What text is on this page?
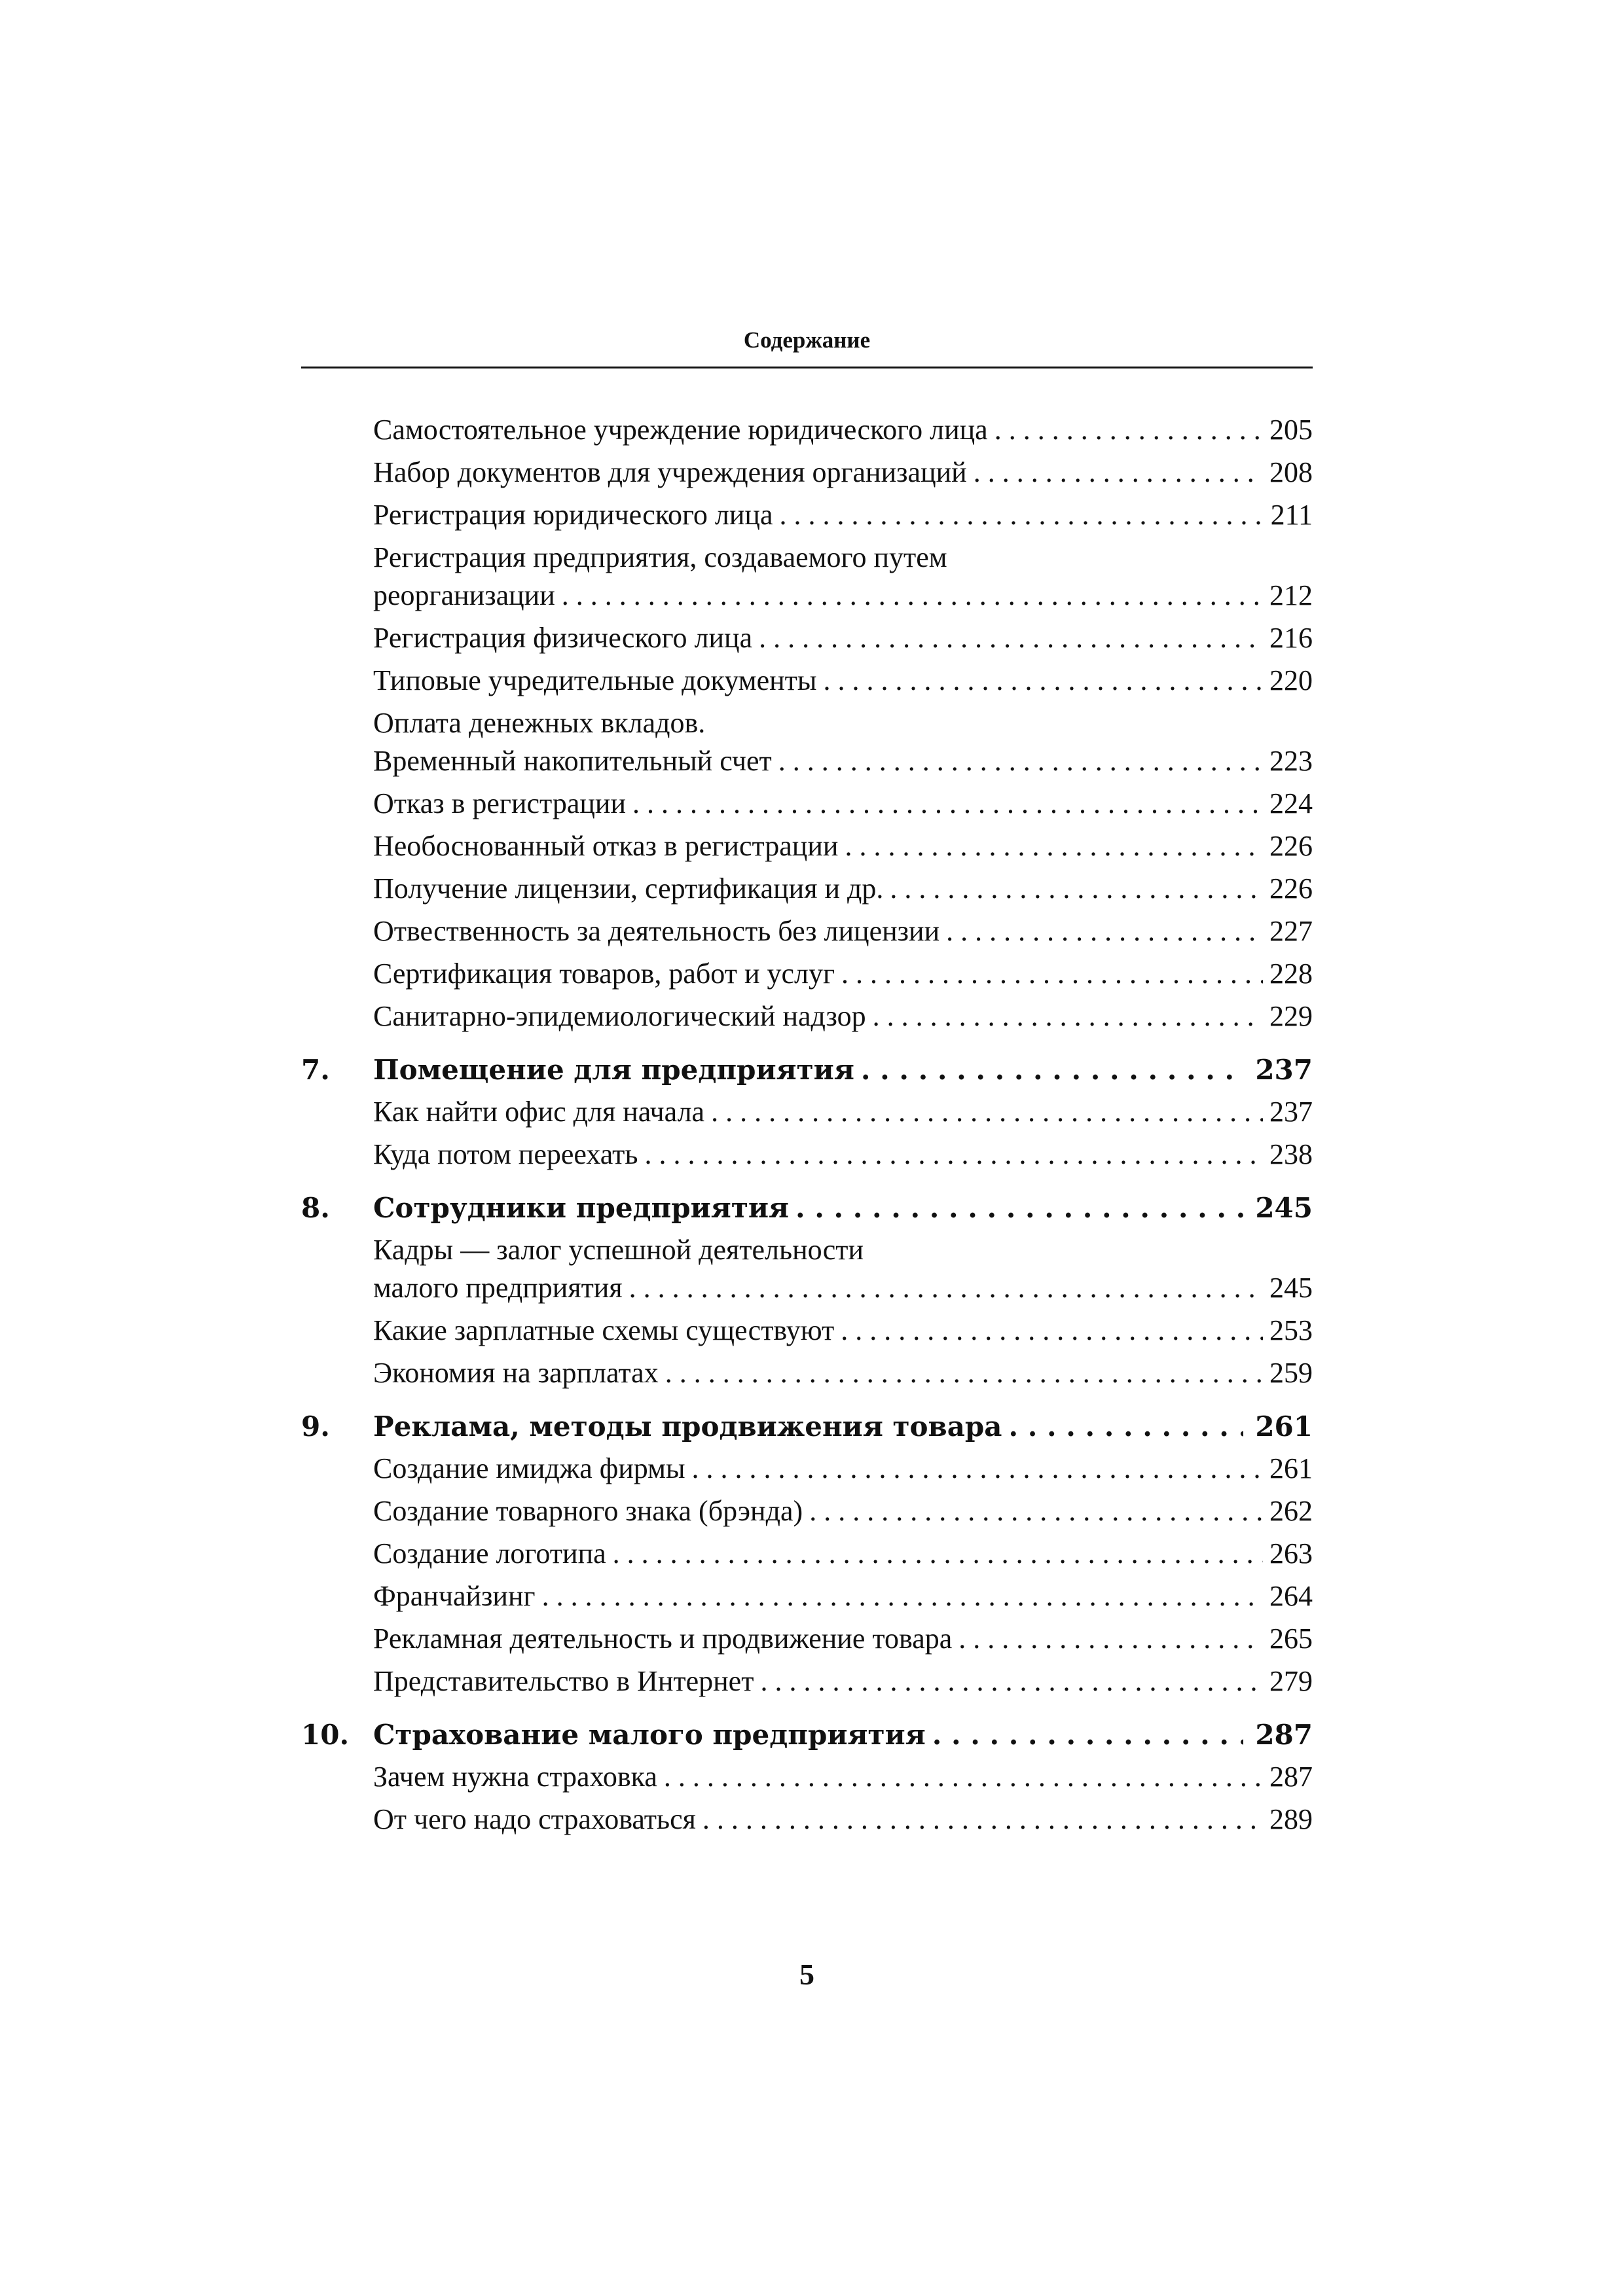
Содержание
Самостоятельное учреждение юридического лица . . .	205
Набор документов для учреждения организаций . . .	208
Регистрация юридического лица . . .	211
Регистрация предприятия, создаваемого путем
реорганизации . . .	212
Регистрация физического лица . . .	216
Типовые учредительные документы . . .	220
Оплата денежных вкладов.
Временный накопительный счет . . .	223
Отказ в регистрации . . .	224
Необоснованный отказ в регистрации . . .	226
Получение лицензии, сертификация и др. . . .	226
Отвественность за деятельность без лицензии . . .	227
Сертификация товаров, работ и услуг . . .	228
Санитарно-эпидемиологический надзор . . .	229
7. Помещение для предприятия . . .	237
Как найти офис для начала . . .	237
Куда потом переехать . . .	238
8. Сотрудники предприятия . . .	245
Кадры — залог успешной деятельности
малого предприятия . . .	245
Какие зарплатные схемы существуют . . .	253
Экономия на зарплатах . . .	259
9. Реклама, методы продвижения товара . . .	261
Создание имиджа фирмы . . .	261
Создание товарного знака (брэнда) . . .	262
Создание логотипа . . .	263
Франчайзинг . . .	264
Рекламная деятельность и продвижение товара . . .	265
Представительство в Интернет . . .	279
10. Страхование малого предприятия . . .	287
Зачем нужна страховка . . .	287
От чего надо страховаться . . .	289
5
